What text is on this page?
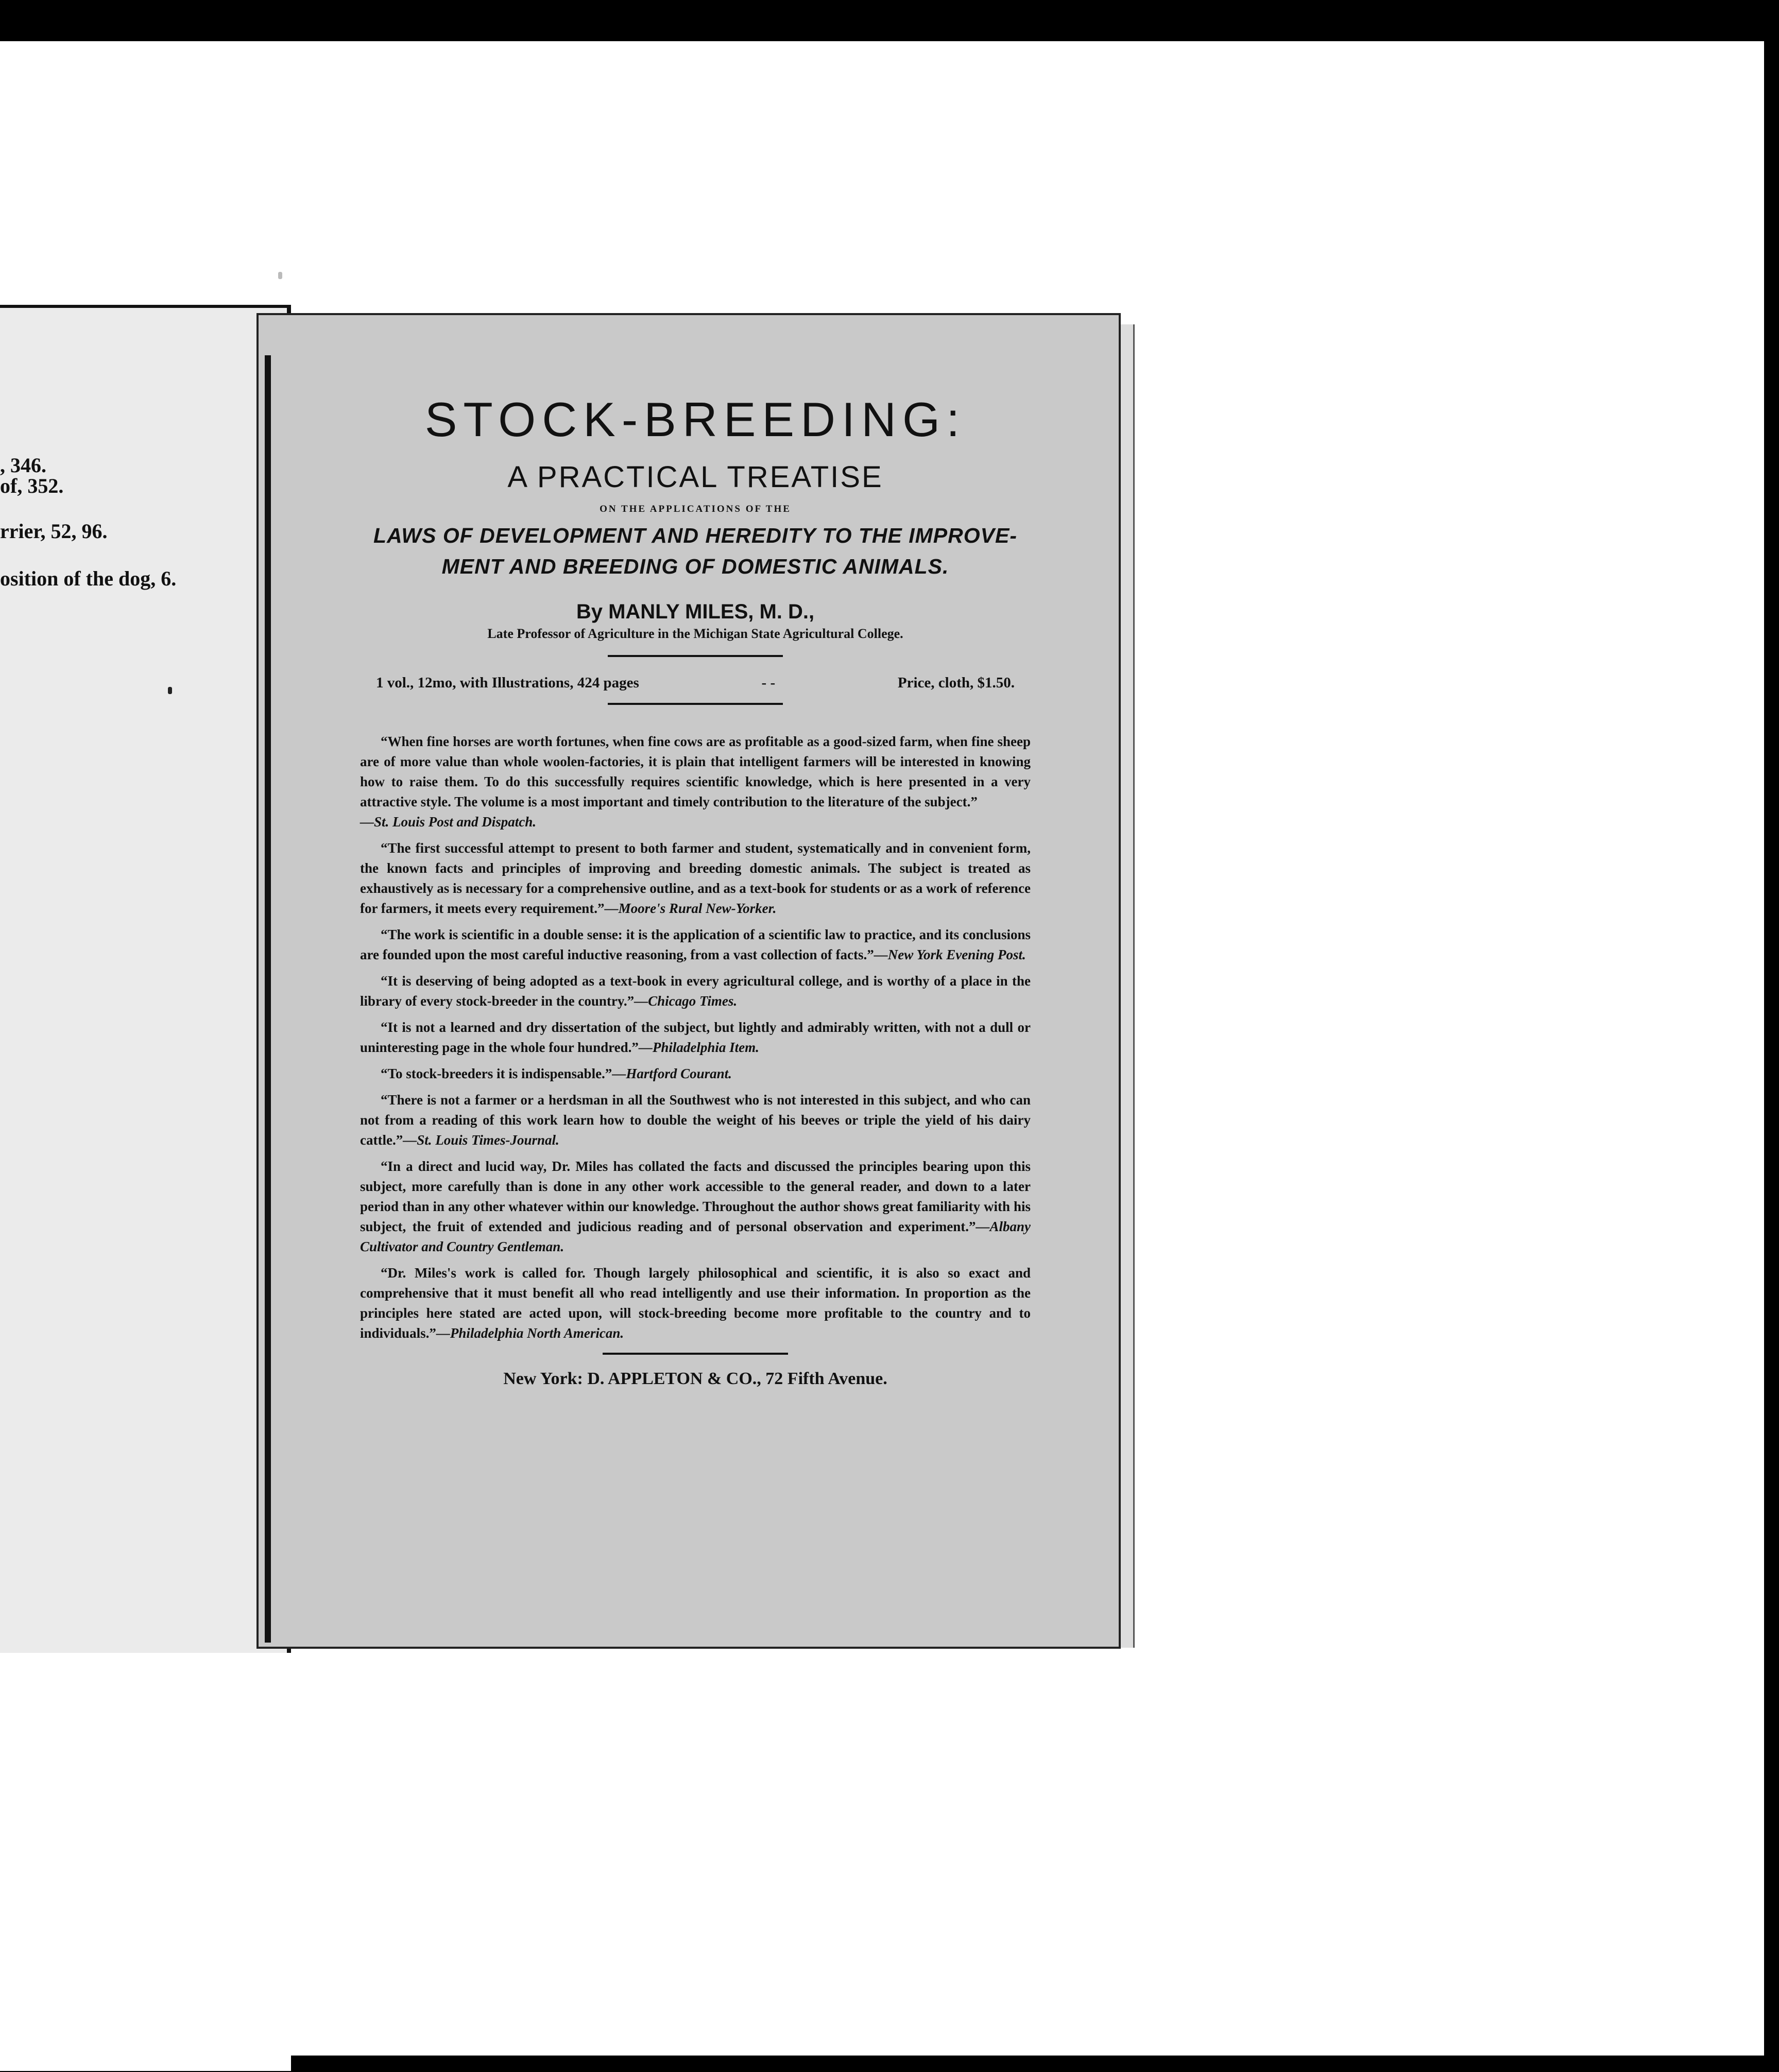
, 346.
of, 352.
rrier, 52, 96.
osition of the dog, 6.
STOCK-BREEDING:
A PRACTICAL TREATISE
ON THE APPLICATIONS OF THE
LAWS OF DEVELOPMENT AND HEREDITY TO THE IMPROVE-
MENT AND BREEDING OF DOMESTIC ANIMALS.
By MANLY MILES, M. D.,
Late Professor of Agriculture in the Michigan State Agricultural College.
1 vol., 12mo, with Illustrations, 424 pages	- -	Price, cloth, $1.50.

“When fine horses are worth fortunes, when fine cows are as profitable as a good-sized farm, when fine sheep are of more value than whole woolen-factories, it is plain that intelligent farmers will be interested in knowing how to raise them. To do this successfully requires scientific knowledge, which is here presented in a very attractive style. The volume is a most important and timely contribution to the literature of the subject.”
—St. Louis Post and Dispatch.

“The first successful attempt to present to both farmer and student, systematically and in convenient form, the known facts and principles of improving and breeding domestic animals. The subject is treated as exhaustively as is necessary for a comprehensive outline, and as a text-book for students or as a work of reference for farmers, it meets every requirement.”—Moore's Rural New-Yorker.

“The work is scientific in a double sense: it is the application of a scientific law to practice, and its conclusions are founded upon the most careful inductive reasoning, from a vast collection of facts.”—New York Evening Post.

“It is deserving of being adopted as a text-book in every agricultural college, and is worthy of a place in the library of every stock-breeder in the country.”—Chicago Times.

“It is not a learned and dry dissertation of the subject, but lightly and admirably written, with not a dull or uninteresting page in the whole four hundred.”—Philadelphia Item.

“To stock-breeders it is indispensable.”—Hartford Courant.

“There is not a farmer or a herdsman in all the Southwest who is not interested in this subject, and who can not from a reading of this work learn how to double the weight of his beeves or triple the yield of his dairy cattle.”—St. Louis Times-Journal.

“In a direct and lucid way, Dr. Miles has collated the facts and discussed the principles bearing upon this subject, more carefully than is done in any other work accessible to the general reader, and down to a later period than in any other whatever within our knowledge. Throughout the author shows great familiarity with his subject, the fruit of extended and judicious reading and of personal observation and experiment.”—Albany Cultivator and Country Gentleman.

“Dr. Miles's work is called for. Though largely philosophical and scientific, it is also so exact and comprehensive that it must benefit all who read intelligently and use their information. In proportion as the principles here stated are acted upon, will stock-breeding become more profitable to the country and to individuals.”—Philadelphia North American.

New York: D. APPLETON & CO., 72 Fifth Avenue.
